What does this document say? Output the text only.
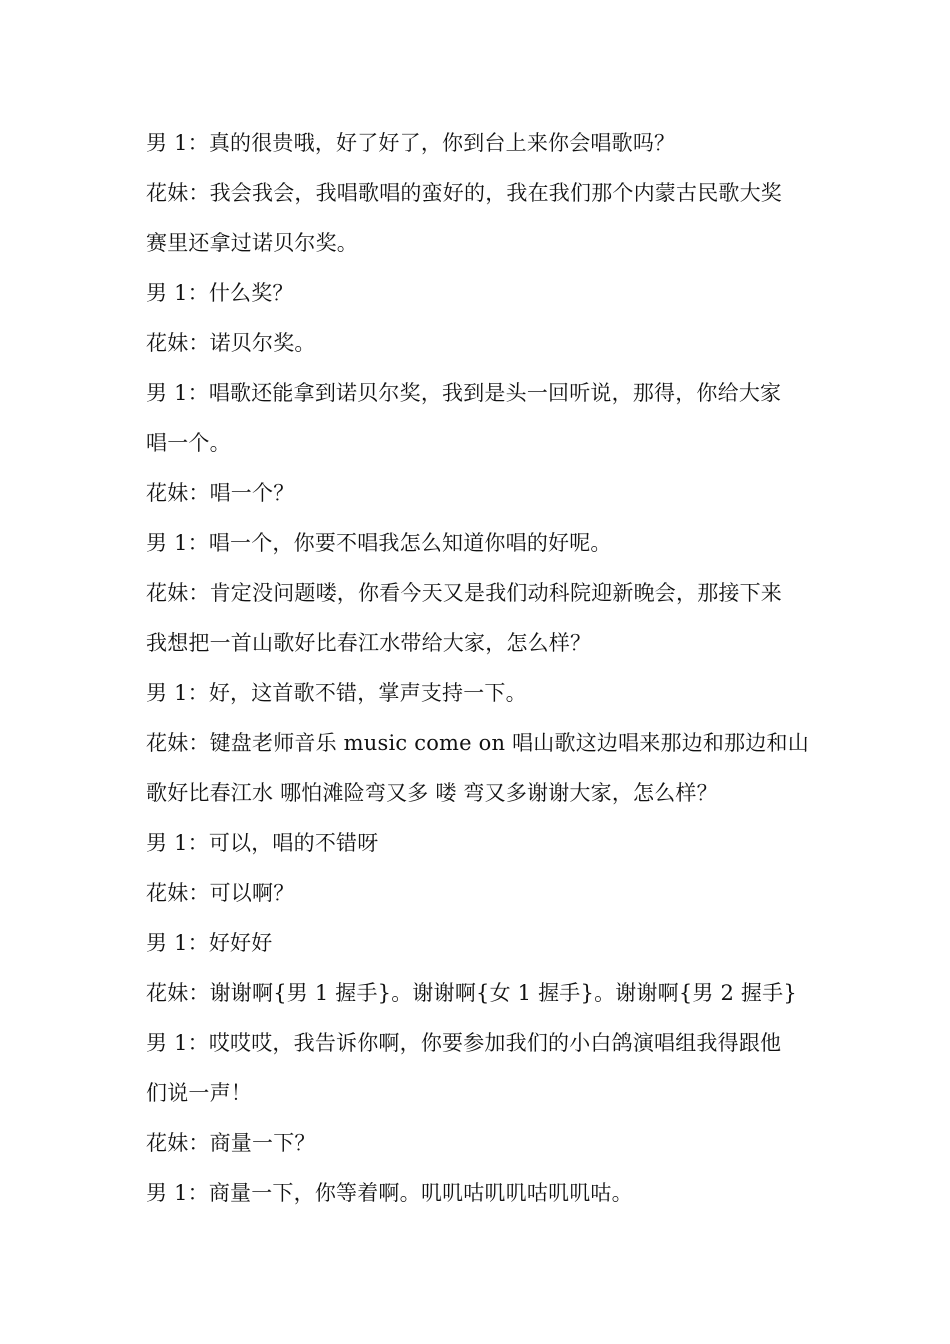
男 1：真的很贵哦，好了好了，你到台上来你会唱歌吗？
花妹：我会我会，我唱歌唱的蛮好的，我在我们那个内蒙古民歌大奖
赛里还拿过诺贝尔奖。
男 1：什么奖？
花妹：诺贝尔奖。
男 1：唱歌还能拿到诺贝尔奖，我到是头一回听说，那得，你给大家
唱一个。
花妹：唱一个？
男 1：唱一个，你要不唱我怎么知道你唱的好呢。
花妹：肯定没问题喽，你看今天又是我们动科院迎新晚会，那接下来
我想把一首山歌好比春江水带给大家，怎么样？
男 1：好，这首歌不错，掌声支持一下。
花妹：键盘老师音乐 music come on 唱山歌这边唱来那边和那边和山
歌好比春江水 哪怕滩险弯又多 喽 弯又多谢谢大家，怎么样？
男 1：可以，唱的不错呀
花妹：可以啊？
男 1：好好好
花妹：谢谢啊{男 1 握手}。谢谢啊{女 1 握手}。谢谢啊{男 2 握手}
男 1：哎哎哎，我告诉你啊，你要参加我们的小白鸽演唱组我得跟他
们说一声！
花妹：商量一下？
男 1：商量一下，你等着啊。叽叽咕叽叽咕叽叽咕。
